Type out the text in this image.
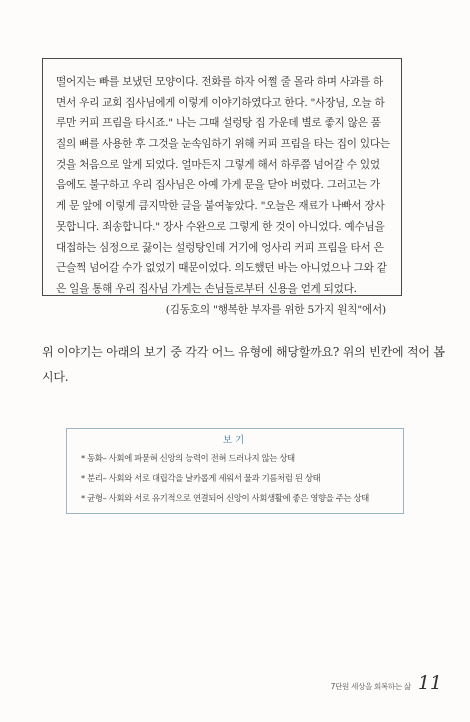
떨어지는 빠를 보냈던 모양이다. 전화를 하자 어쩔 줄 몰라 하며 사과를 하
면서 우리 교회 집사님에게 이렇게 이야기하였다고 한다. "사장님, 오늘 하
루만 커피 프림을 타시죠." 나는 그때 설렁탕 집 가운데 별로 좋지 않은 품
질의 뼈를 사용한 후 그것을 눈속임하기 위해 커피 프림을 타는 집이 있다는
것을 처음으로 알게 되었다. 얼마든지 그렇게 해서 하루쯤 넘어갈 수 있었
음에도 불구하고 우리 집사님은 아예 가게 문을 닫아 버렸다. 그러고는 가
게 문 앞에 이렇게 큼지막한 글을 붙여놓았다. "오늘은 재료가 나빠서 장사
못합니다. 죄송합니다." 장사 수완으로 그렇게 한 것이 아니었다. 예수님을
대접하는 심정으로 끓이는 설렁탕인데 거기에 엉사리 커피 프림을 타서 은
근슬쩍 넘어갈 수가 없었기 때문이었다. 의도했던 바는 아니었으나 그와 같
은 일을 통해 우리 집사님 가게는 손님들로부터 신용을 얻게 되었다.
(김동호의 "행복한 부자를 위한 5가지 원칙"에서)
위 이야기는 아래의 보기 중 각각 어느 유형에 해당할까요? 위의 빈칸에 적어 봅
시다.
보기
* 동화– 사회에 파묻혀 신앙의 능력이 전혀 드러나지 않는 상태
* 분리– 사회와 서로 대립각을 날카롭게 세워서 물과 기름처럼 된 상태
* 균형– 사회와 서로 유기적으로 연결되어 신앙이 사회생활에 좋은 영향을 주는 상태
7단원 세상을 회복하는 삶 11
